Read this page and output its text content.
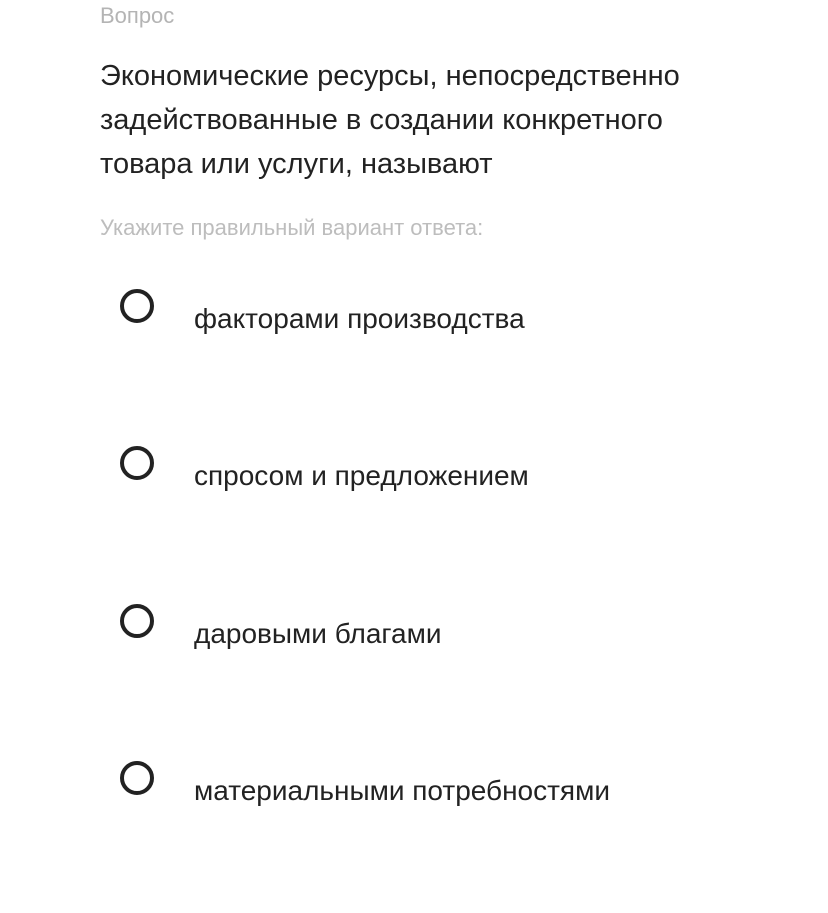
Вопрос
Экономические ресурсы, непосредственно задействованные в создании конкретного товара или услуги, называют
Укажите правильный вариант ответа:
факторами производства
спросом и предложением
даровыми благами
материальными потребностями
